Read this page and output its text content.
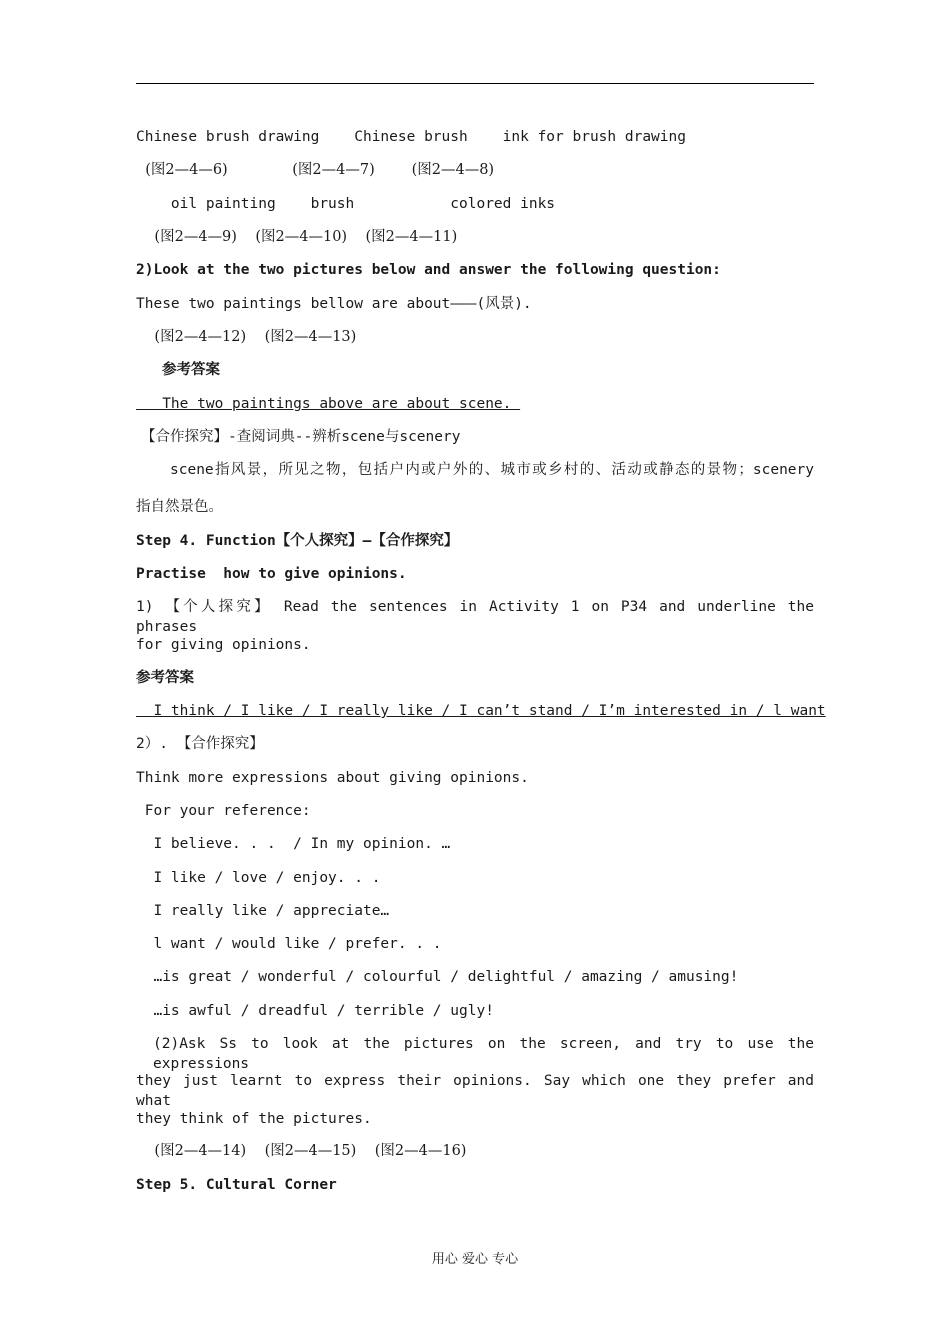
Chinese brush drawing    Chinese brush    ink for brush drawing
(图2—4—6)              (图2—4—7)        (图2—4—8)
oil painting    brush           colored inks
(图2—4—9)    (图2—4—10)    (图2—4—11)
2)Look at the two pictures below and answer the following question:
These two paintings bellow are about———(风景).
(图2—4—12)    (图2—4—13)
参考答案
The two paintings above are about scene.
【合作探究】-查阅词典--辨析scene与scenery
scene指风景，所见之物，包括户内或户外的、城市或乡村的、活动或静态的景物；scenery
指自然景色。
Step 4. Function【个人探究】—【合作探究】
Practise  how to give opinions.
1) 【个人探究】 Read the sentences in Activity 1 on P34 and underline the phrases
for giving opinions.
参考答案
I think / I like / I really like / I can’t stand / I’m interested in / l want
2）. 【合作探究】
Think more expressions about giving opinions.
For your reference:
I believe. . .  / In my opinion. …
I like / love / enjoy. . .
I really like / appreciate…
l want / would like / prefer. . .
…is great / wonderful / colourful / delightful / amazing / amusing!
…is awful / dreadful / terrible / ugly!
(2)Ask Ss to look at the pictures on the screen, and try to use the expressions
they just learnt to express their opinions. Say which one they prefer and what
they think of the pictures.
(图2—4—14)    (图2—4—15)    (图2—4—16)
Step 5. Cultural Corner
用心 爱心 专心
